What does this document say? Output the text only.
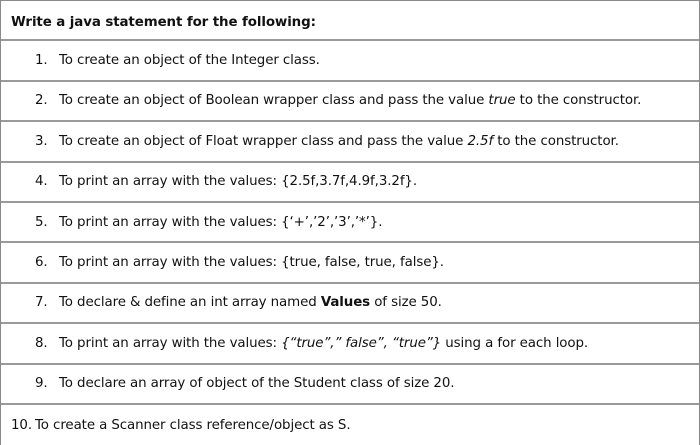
Write a java statement for the following:
1. To create an object of the Integer class.
2. To create an object of Boolean wrapper class and pass the value true to the constructor.
3. To create an object of Float wrapper class and pass the value 2.5f to the constructor.
4. To print an array with the values: {2.5f,3.7f,4.9f,3.2f}.
5. To print an array with the values: {‘+’,’2’,’3’,’*’}.
6. To print an array with the values: {true, false, true, false}.
7. To declare & define an int array named Values of size 50.
8. To print an array with the values: {“true”,” false”, “true”} using a for each loop.
9. To declare an array of object of the Student class of size 20.
10. To create a Scanner class reference/object as S.
